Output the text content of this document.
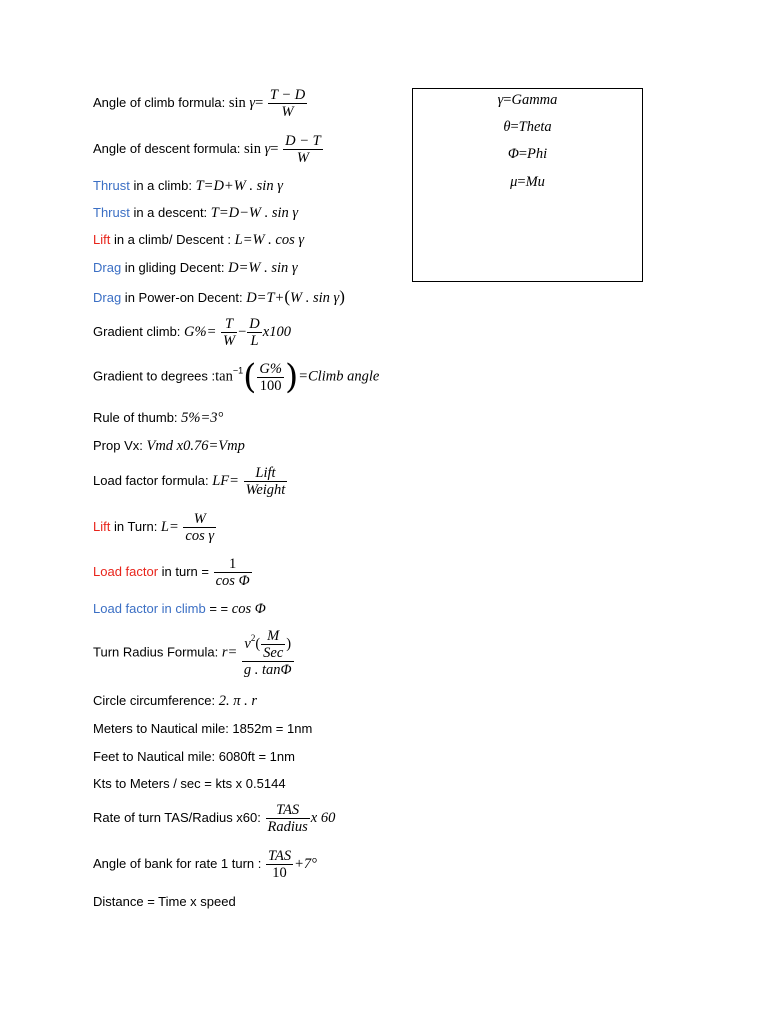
γ=Gamma
θ=Theta
Φ=Phi
μ=Mu
Angle of climb formula: $\sin \gamma= \frac{T - D}{W}$
Angle of descent formula: $\sin \gamma= \frac{D - T}{W}$
Thrust in a climb: T=D+W . sin γ
Thrust in a descent: T=D−W . sin γ
Lift in a climb/ Descent : L=W . cos γ
Drag in gliding Decent: D=W . sin γ
Drag in Power-on Decent: D=T+(W . sin γ)
Gradient climb: $G\%= \frac{T}{W} - \frac{D}{L} x100$
Gradient to degrees $:\tan^{-1}( \frac{G\%}{100} )=Climb$ angle
Rule of thumb: 5%=3°
Prop Vx: Vmd x0.76=Vmp
Load factor formula: $LF= \frac{\text{Lift}}{\text{Weight}}$
Lift in Turn: $L= \frac{W}{\text{cos γ}}$
Load factor in turn = $\frac{1}{\text{cos Φ}}$
Load factor in climb = = cos Φ
Turn Radius Formula: $r= \frac{v^2( \frac{M}{\text{Sec}} )}{g . \tan\Phi}$
Circle circumference: 2. π . r
Meters to Nautical mile: 1852m = 1nm
Feet to Nautical mile: 6080ft = 1nm
Kts to Meters / sec = kts x 0.5144
Rate of turn TAS/Radius x60: $\frac{\text{TAS}}{\text{Radius}}$ x 60
Angle of bank for rate 1 turn : $\frac{\text{TAS}}{10} +7^\circ$
Distance = Time x speed
